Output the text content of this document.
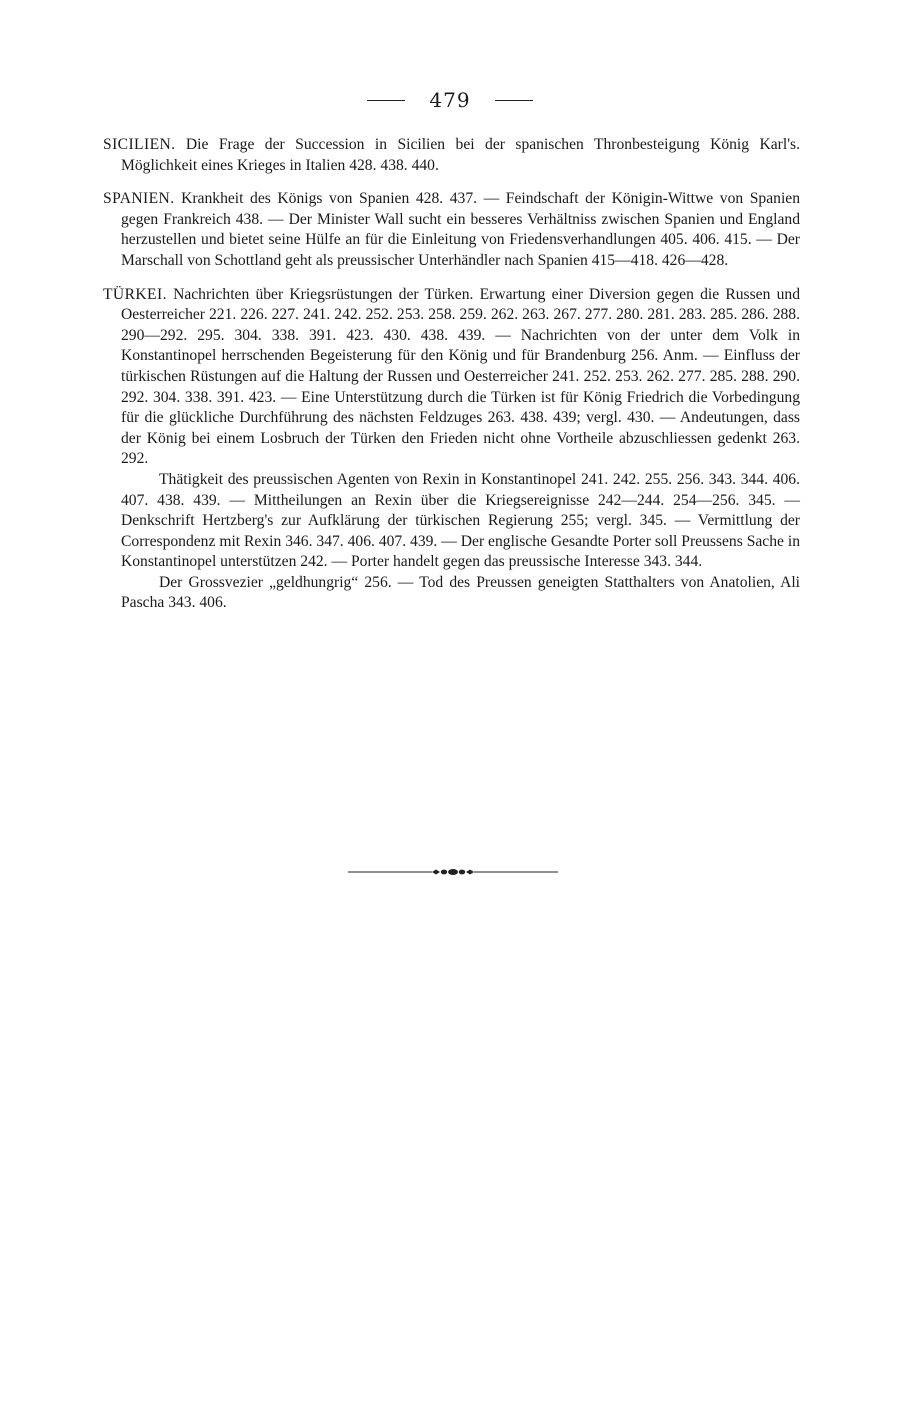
479

SICILIEN. Die Frage der Succession in Sicilien bei der spanischen Thronbesteigung König Karl's. Möglichkeit eines Krieges in Italien 428. 438. 440.

SPANIEN. Krankheit des Königs von Spanien 428. 437. — Feindschaft der Königin-Wittwe von Spanien gegen Frankreich 438. — Der Minister Wall sucht ein besseres Verhältniss zwischen Spanien und England herzustellen und bietet seine Hülfe an für die Einleitung von Friedensverhandlungen 405. 406. 415. — Der Marschall von Schottland geht als preussischer Unterhändler nach Spanien 415—418. 426—428.

TÜRKEI. Nachrichten über Kriegsrüstungen der Türken. Erwartung einer Diversion gegen die Russen und Oesterreicher 221. 226. 227. 241. 242. 252. 253. 258. 259. 262. 263. 267. 277. 280. 281. 283. 285. 286. 288. 290—292. 295. 304. 338. 391. 423. 430. 438. 439. — Nachrichten von der unter dem Volk in Konstantinopel herrschenden Begeisterung für den König und für Brandenburg 256. Anm. — Einfluss der türkischen Rüstungen auf die Haltung der Russen und Oesterreicher 241. 252. 253. 262. 277. 285. 288. 290. 292. 304. 338. 391. 423. — Eine Unterstützung durch die Türken ist für König Friedrich die Vorbedingung für die glückliche Durchführung des nächsten Feldzuges 263. 438. 439; vergl. 430. — Andeutungen, dass der König bei einem Losbruch der Türken den Frieden nicht ohne Vortheile abzuschliessen gedenkt 263. 292.

Thätigkeit des preussischen Agenten von Rexin in Konstantinopel 241. 242. 255. 256. 343. 344. 406. 407. 438. 439. — Mittheilungen an Rexin über die Kriegsereignisse 242—244. 254—256. 345. — Denkschrift Hertzberg's zur Aufklärung der türkischen Regierung 255; vergl. 345. — Vermittlung der Correspondenz mit Rexin 346. 347. 406. 407. 439. — Der englische Gesandte Porter soll Preussens Sache in Konstantinopel unterstützen 242. — Porter handelt gegen das preussische Interesse 343. 344.

Der Grossvezier „geldhungrig“ 256. — Tod des Preussen geneigten Statthalters von Anatolien, Ali Pascha 343. 406.
